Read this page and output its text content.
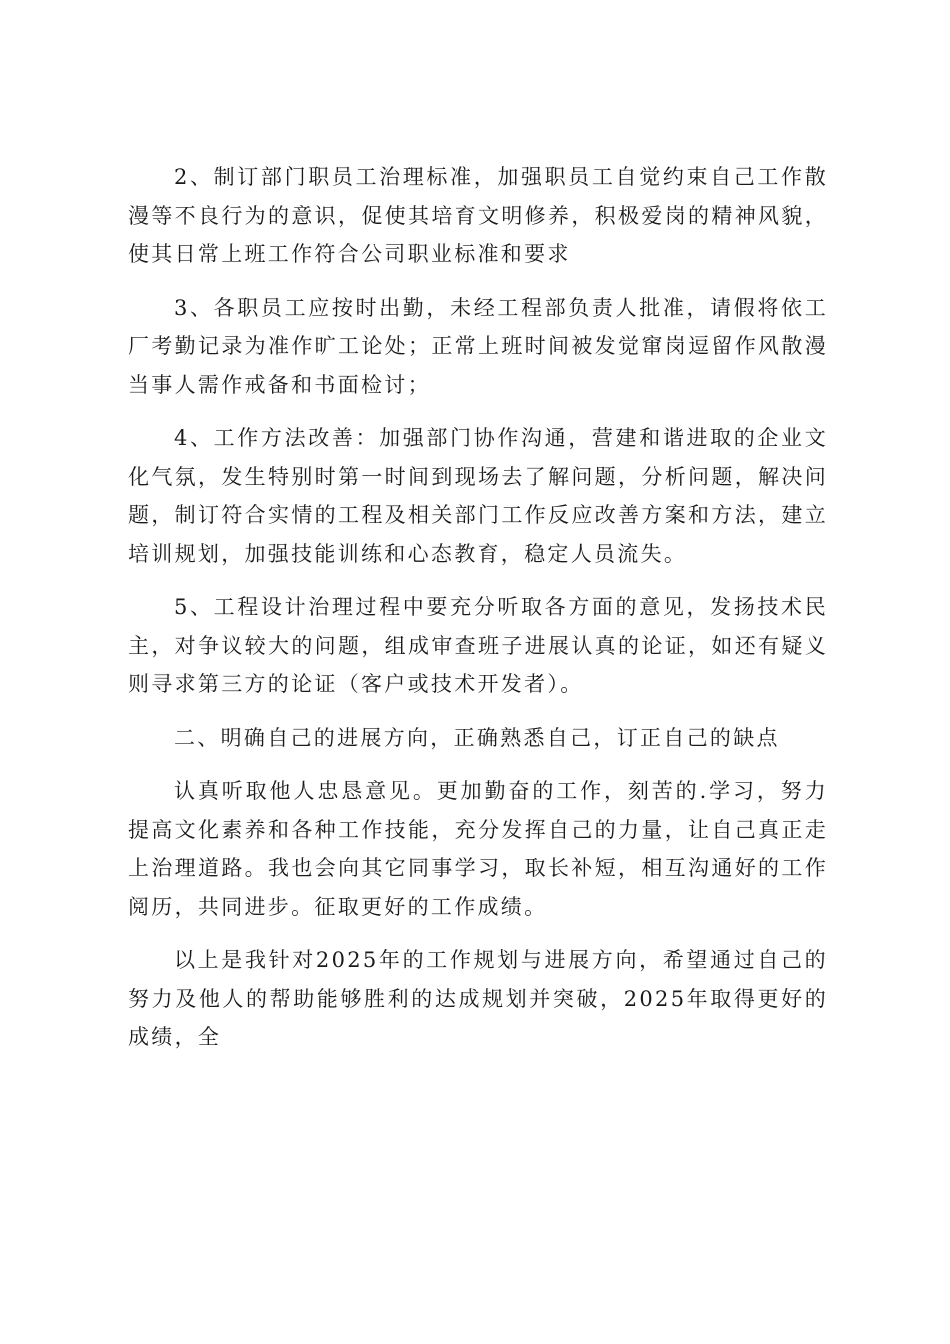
2、制订部门职员工治理标准，加强职员工自觉约束自己工作散漫等不良行为的意识，促使其培育文明修养，积极爱岗的精神风貌，使其日常上班工作符合公司职业标准和要求

3、各职员工应按时出勤，未经工程部负责人批准，请假将依工厂考勤记录为准作旷工论处；正常上班时间被发觉窜岗逗留作风散漫当事人需作戒备和书面检讨；

4、工作方法改善：加强部门协作沟通，营建和谐进取的企业文化气氛，发生特别时第一时间到现场去了解问题，分析问题，解决问题，制订符合实情的工程及相关部门工作反应改善方案和方法，建立培训规划，加强技能训练和心态教育，稳定人员流失。

5、工程设计治理过程中要充分听取各方面的意见，发扬技术民主，对争议较大的问题，组成审查班子进展认真的论证，如还有疑义则寻求第三方的论证（客户或技术开发者）。

二、明确自己的进展方向，正确熟悉自己，订正自己的缺点

认真听取他人忠恳意见。更加勤奋的工作，刻苦的.学习，努力提高文化素养和各种工作技能，充分发挥自己的力量，让自己真正走上治理道路。我也会向其它同事学习，取长补短，相互沟通好的工作阅历，共同进步。征取更好的工作成绩。

以上是我针对2025年的工作规划与进展方向，希望通过自己的努力及他人的帮助能够胜利的达成规划并突破，2025年取得更好的成绩，全
